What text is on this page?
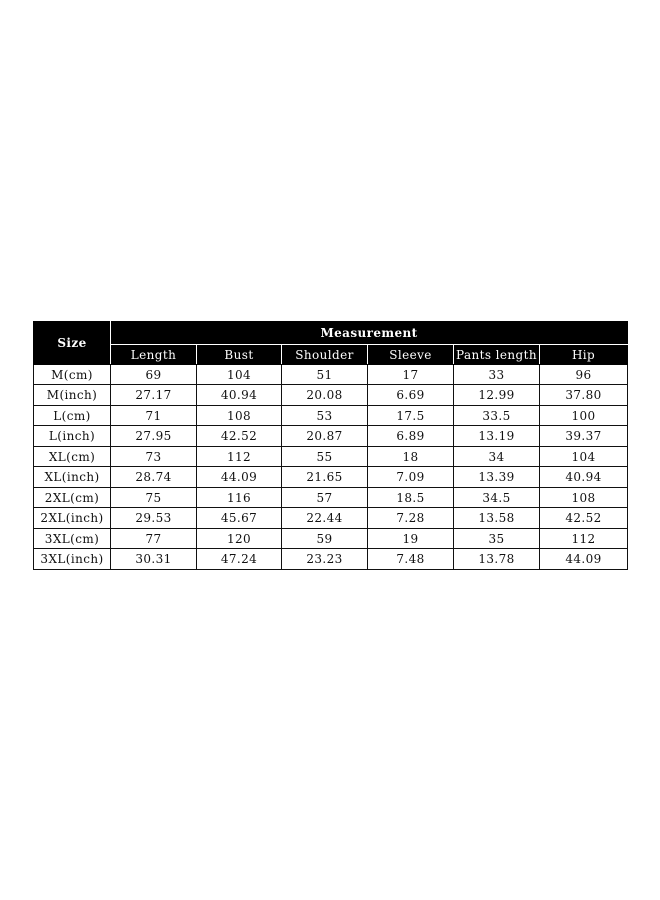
Size	Measurement					
	Length	Bust	Shoulder	Sleeve	Pants length	Hip
M(cm)	69	104	51	17	33	96
M(inch)	27.17	40.94	20.08	6.69	12.99	37.80
L(cm)	71	108	53	17.5	33.5	100
L(inch)	27.95	42.52	20.87	6.89	13.19	39.37
XL(cm)	73	112	55	18	34	104
XL(inch)	28.74	44.09	21.65	7.09	13.39	40.94
2XL(cm)	75	116	57	18.5	34.5	108
2XL(inch)	29.53	45.67	22.44	7.28	13.58	42.52
3XL(cm)	77	120	59	19	35	112
3XL(inch)	30.31	47.24	23.23	7.48	13.78	44.09
